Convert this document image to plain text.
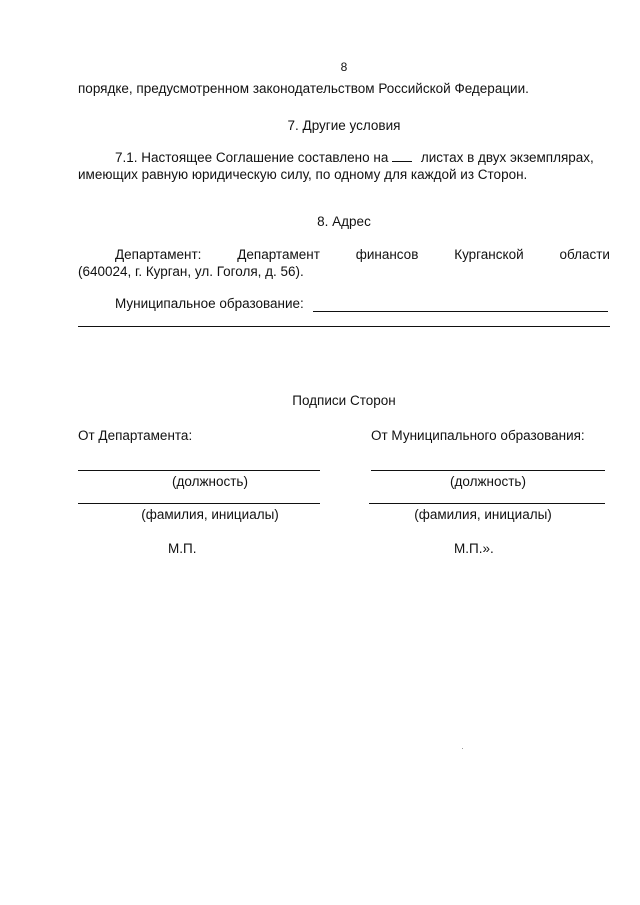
8
порядке, предусмотренном законодательством Российской Федерации.
7. Другие условия
7.1. Настоящее Соглашение составлено на листах в двух экземплярах,
имеющих равную юридическую силу, по одному для каждой из Сторон.
8. Адрес
Департамент:	Департамент	финансов	Курганской	области
(640024, г. Курган, ул. Гоголя, д. 56).
Муниципальное образование:
Подписи Сторон
От Департамента:	От Муниципального образования:
(должность)	(должность)
(фамилия, инициалы)	(фамилия, инициалы)
М.П.	М.П.».
